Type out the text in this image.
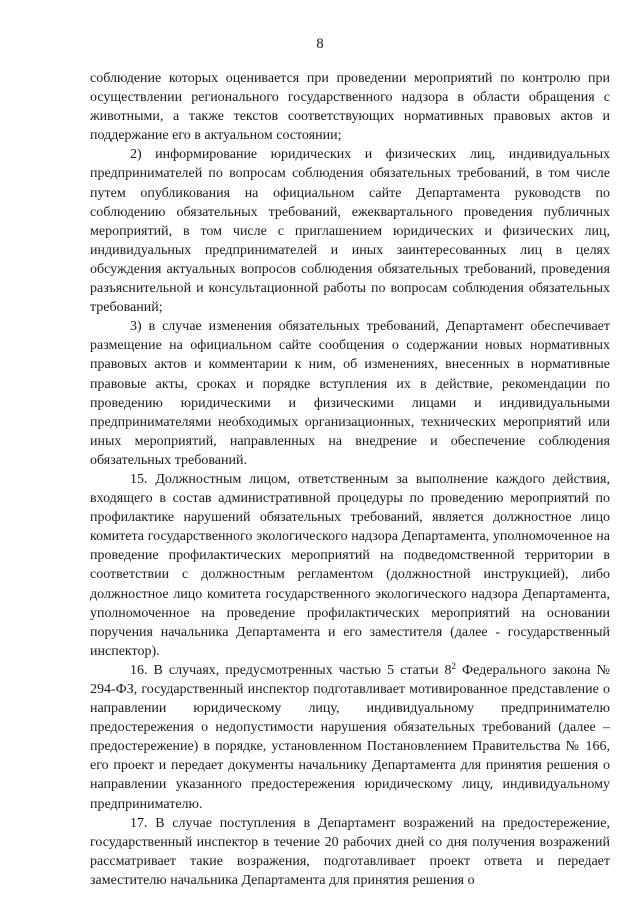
8

соблюдение которых оценивается при проведении мероприятий по контролю при осуществлении регионального государственного надзора в области обращения с животными, а также текстов соответствующих нормативных правовых актов и поддержание его в актуальном состоянии;

2) информирование юридических и физических лиц, индивидуальных предпринимателей по вопросам соблюдения обязательных требований, в том числе путем опубликования на официальном сайте Департамента руководств по соблюдению обязательных требований, ежеквартального проведения публичных мероприятий, в том числе с приглашением юридических и физических лиц, индивидуальных предпринимателей и иных заинтересованных лиц в целях обсуждения актуальных вопросов соблюдения обязательных требований, проведения разъяснительной и консультационной работы по вопросам соблюдения обязательных требований;

3) в случае изменения обязательных требований, Департамент обеспечивает размещение на официальном сайте сообщения о содержании новых нормативных правовых актов и комментарии к ним, об изменениях, внесенных в нормативные правовые акты, сроках и порядке вступления их в действие, рекомендации по проведению юридическими и физическими лицами и индивидуальными предпринимателями необходимых организационных, технических мероприятий или иных мероприятий, направленных на внедрение и обеспечение соблюдения обязательных требований.

15. Должностным лицом, ответственным за выполнение каждого действия, входящего в состав административной процедуры по проведению мероприятий по профилактике нарушений обязательных требований, является должностное лицо комитета государственного экологического надзора Департамента, уполномоченное на проведение профилактических мероприятий на подведомственной территории в соответствии с должностным регламентом (должностной инструкцией), либо должностное лицо комитета государственного экологического надзора Департамента, уполномоченное на проведение профилактических мероприятий на основании поручения начальника Департамента и его заместителя (далее - государственный инспектор).

16. В случаях, предусмотренных частью 5 статьи $8^2$ Федерального закона № 294-ФЗ, государственный инспектор подготавливает мотивированное представление о направлении юридическому лицу, индивидуальному предпринимателю предостережения о недопустимости нарушения обязательных требований (далее – предостережение) в порядке, установленном Постановлением Правительства № 166, его проект и передает документы начальнику Департамента для принятия решения о направлении указанного предостережения юридическому лицу, индивидуальному предпринимателю.

17. В случае поступления в Департамент возражений на предостережение, государственный инспектор в течение 20 рабочих дней со дня получения возражений рассматривает такие возражения, подготавливает проект ответа и передает заместителю начальника Департамента для принятия решения о
